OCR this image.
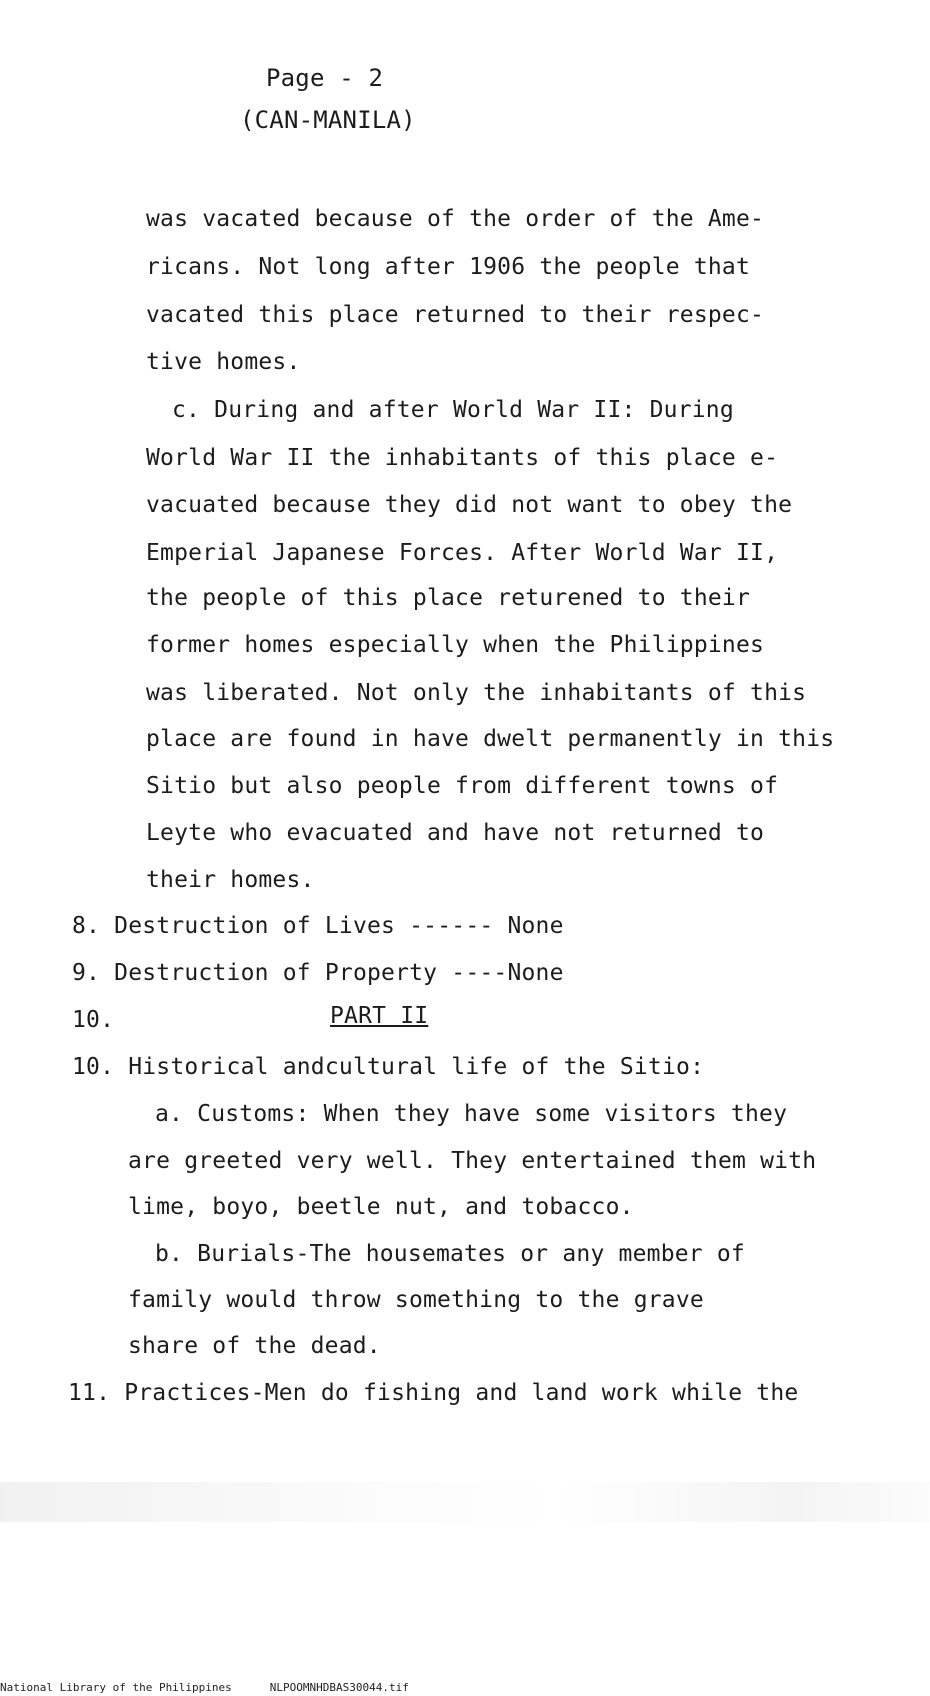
Page - 2
(CAN-MANILA)
was vacated because of the order of the Ame-
ricans. Not long after 1906 the people that
vacated this place returned to their respec-
tive homes.
c. During and after World War II: During
World War II the inhabitants of this place e-
vacuated because they did not want to obey the
Emperial Japanese Forces. After World War II,
the people of this place returened to their
former homes especially when the Philippines
was liberated. Not only the inhabitants of this
place are found in have dwelt permanently in this
Sitio but also people from different towns of
Leyte who evacuated and have not returned to
their homes.
8. Destruction of Lives ------ None
9. Destruction of Property ----None
10.	PART II
10. Historical andcultural life of the Sitio:
a. Customs: When they have some visitors they
are greeted very well. They entertained them with
lime, boyo, beetle nut, and tobacco.
b. Burials-The housemates or any member of
family would throw something to the grave
share of the dead.
11. Practices-Men do fishing and land work while the
National Library of the Philippines	NLPOOMNHDBAS30044.tif
